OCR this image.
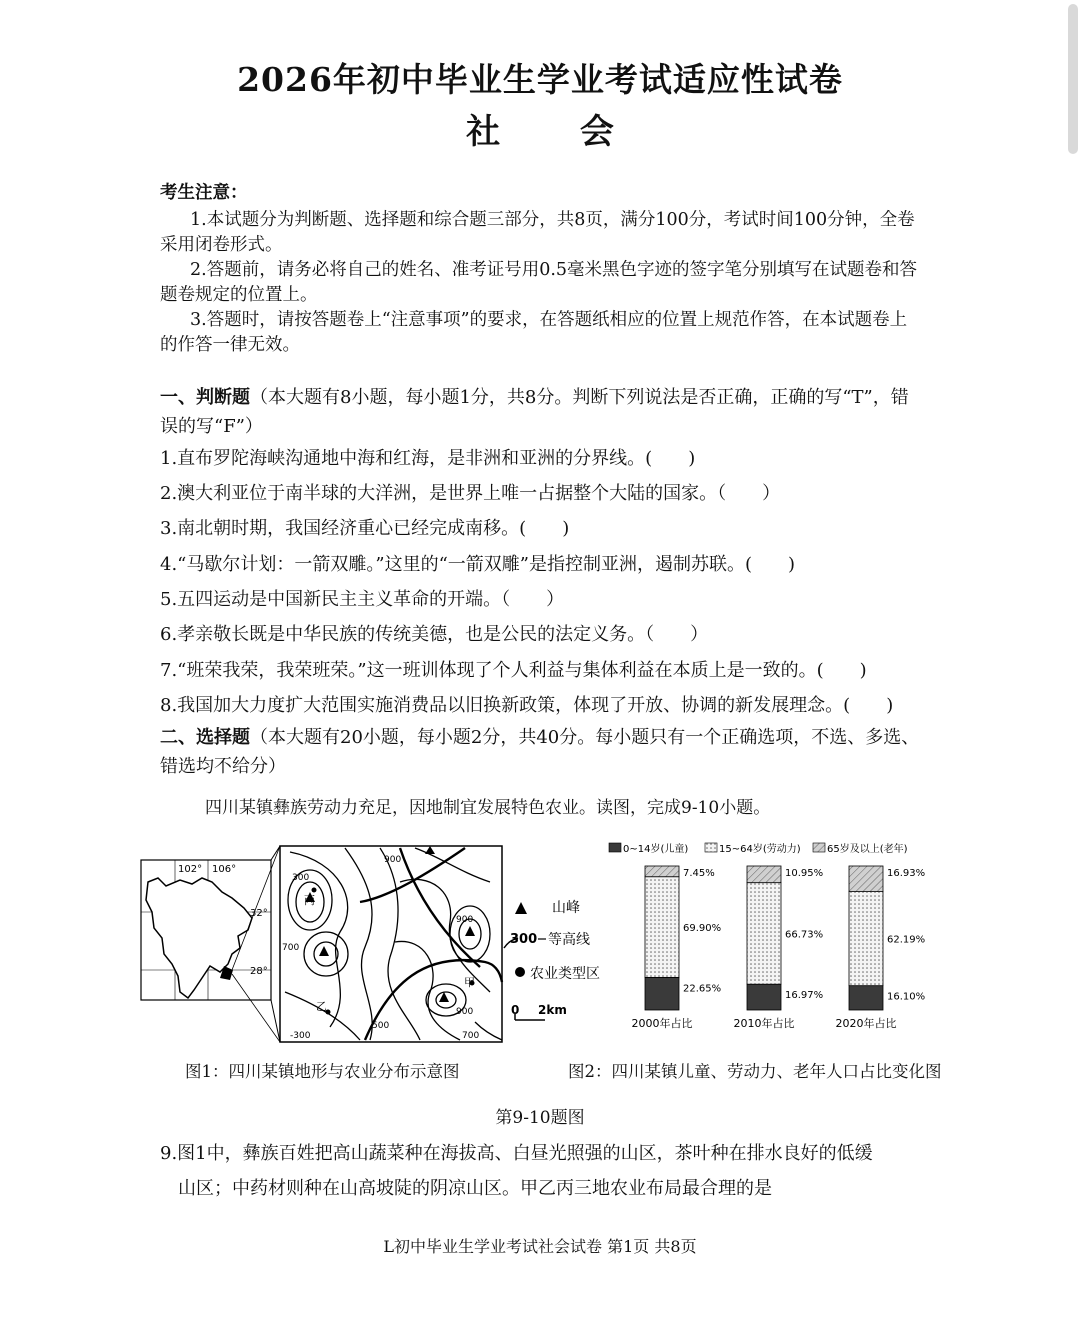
2026年初中毕业生学业考试适应性试卷
社 会
考生注意：
1.本试题分为判断题、选择题和综合题三部分，共8页，满分100分，考试时间100分钟，全卷采用闭卷形式。
2.答题前，请务必将自己的姓名、准考证号用0.5毫米黑色字迹的签字笔分别填写在试题卷和答题卷规定的位置上。
3.答题时，请按答题卷上“注意事项”的要求，在答题纸相应的位置上规范作答，在本试题卷上的作答一律无效。
一、判断题（本大题有8小题，每小题1分，共8分。判断下列说法是否正确，正确的写“T”，错误的写“F”）
1.直布罗陀海峡沟通地中海和红海，是非洲和亚洲的分界线。(　　)
2.澳大利亚位于南半球的大洋洲，是世界上唯一占据整个大陆的国家。（　　）
3.南北朝时期，我国经济重心已经完成南移。(　　)
4.“马歇尔计划：一箭双雕。”这里的“一箭双雕”是指控制亚洲，遏制苏联。(　　)
5.五四运动是中国新民主主义革命的开端。（　　）
6.孝亲敬长既是中华民族的传统美德，也是公民的法定义务。（　　）
7.“班荣我荣，我荣班荣。”这一班训体现了个人利益与集体利益在本质上是一致的。(　　)
8.我国加大力度扩大范围实施消费品以旧换新政策，体现了开放、协调的新发展理念。(　　)
二、选择题（本大题有20小题，每小题2分，共40分。每小题只有一个正确选项，不选、多选、错选均不给分）
四川某镇彝族劳动力充足，因地制宜发展特色农业。读图，完成9-10小题。
102° 106°
32°
28°
300
900
700
900
500
900
700
-300
丙
乙
甲
山峰
300 等高线
农业类型区
0 2km
0~14岁(儿童)	15~64岁(劳动力)	65岁及以上(老年)
22.65%
69.90%
7.45%
2000年占比
16.97%
66.73%
10.95%
2010年占比
16.10%
62.19%
16.93%
2020年占比
图1：四川某镇地形与农业分布示意图	图2：四川某镇儿童、劳动力、老年人口占比变化图
第9-10题图
9.图1中，彝族百姓把高山蔬菜种在海拔高、白昼光照强的山区，茶叶种在排水良好的低缓
山区；中药材则种在山高坡陡的阴凉山区。甲乙丙三地农业布局最合理的是
L初中毕业生学业考试社会试卷 第1页 共8页
